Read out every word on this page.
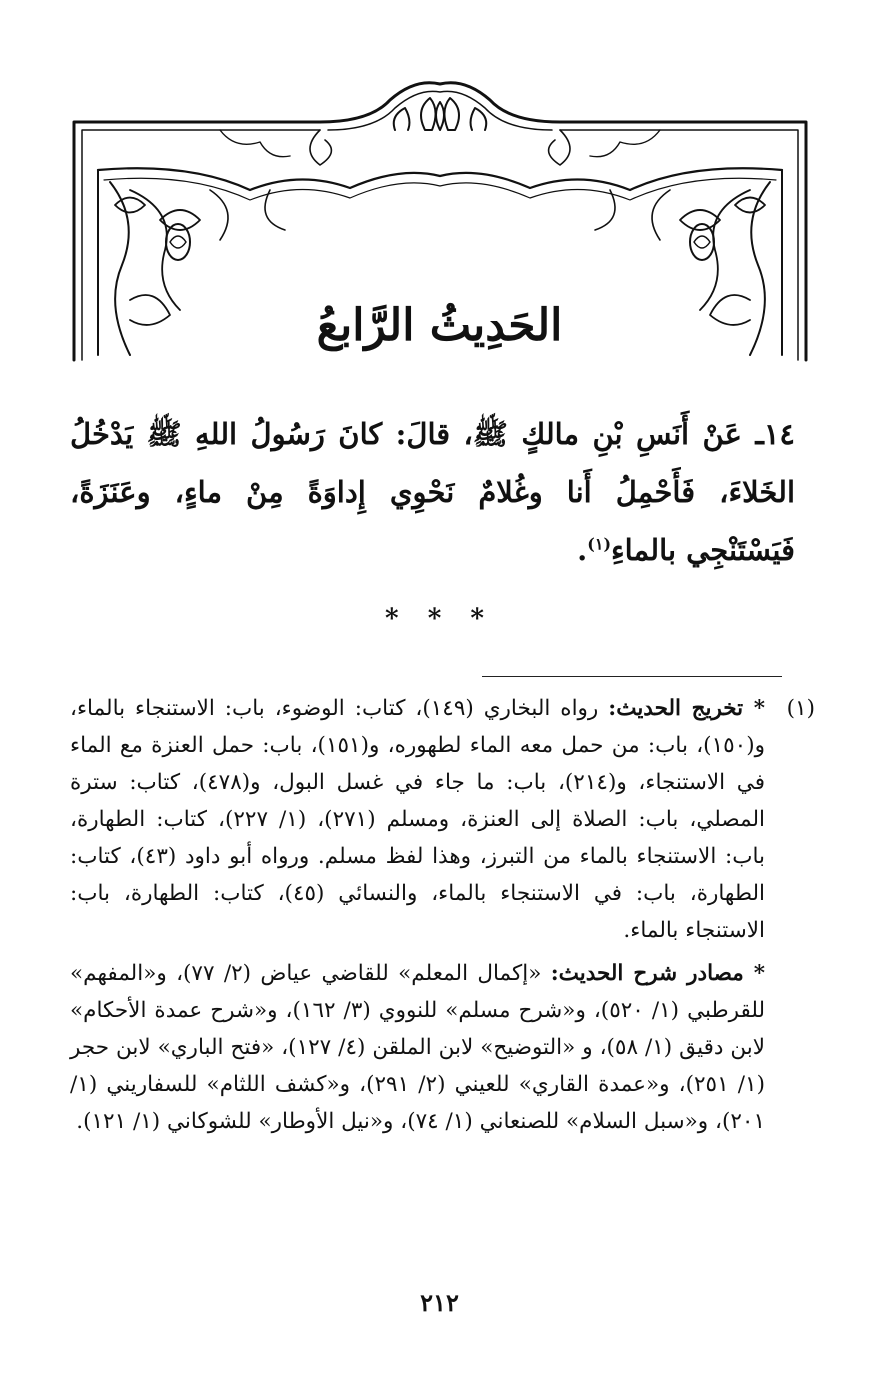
الحَدِيثُ الرَّابعُ
١٤ـ عَنْ أَنَسِ بْنِ مالكٍ ﷺ، قالَ: كانَ رَسُولُ اللهِ ﷺ يَدْخُلُ الخَلاءَ، فَأَحْمِلُ أَنا وغُلامٌ نَحْوِي إِداوَةً مِنْ ماءٍ، وعَنَزَةً، فَيَسْتَنْجِي بالماءِ$^{(١)}$.
* * *
(١)
* تخريج الحديث: رواه البخاري (١٤٩)، كتاب: الوضوء، باب: الاستنجاء بالماء، و(١٥٠)، باب: من حمل معه الماء لطهوره، و(١٥١)، باب: حمل العنزة مع الماء في الاستنجاء، و(٢١٤)، باب: ما جاء في غسل البول، و(٤٧٨)، كتاب: سترة المصلي، باب: الصلاة إلى العنزة، ومسلم (٢٧١)، (١/ ٢٢٧)، كتاب: الطهارة، باب: الاستنجاء بالماء من التبرز، وهذا لفظ مسلم. ورواه أبو داود (٤٣)، كتاب: الطهارة، باب: في الاستنجاء بالماء، والنسائي (٤٥)، كتاب: الطهارة، باب: الاستنجاء بالماء.
* مصادر شرح الحديث: «إكمال المعلم» للقاضي عياض (٢/ ٧٧)، و«المفهم» للقرطبي (١/ ٥٢٠)، و«شرح مسلم» للنووي (٣/ ١٦٢)، و«شرح عمدة الأحكام» لابن دقيق (١/ ٥٨)، و «التوضيح» لابن الملقن (٤/ ١٢٧)، «فتح الباري» لابن حجر (١/ ٢٥١)، و«عمدة القاري» للعيني (٢/ ٢٩١)، و«كشف اللثام» للسفاريني (١/ ٢٠١)، و«سبل السلام» للصنعاني (١/ ٧٤)، و«نيل الأوطار» للشوكاني (١/ ١٢١).
٢١٢
